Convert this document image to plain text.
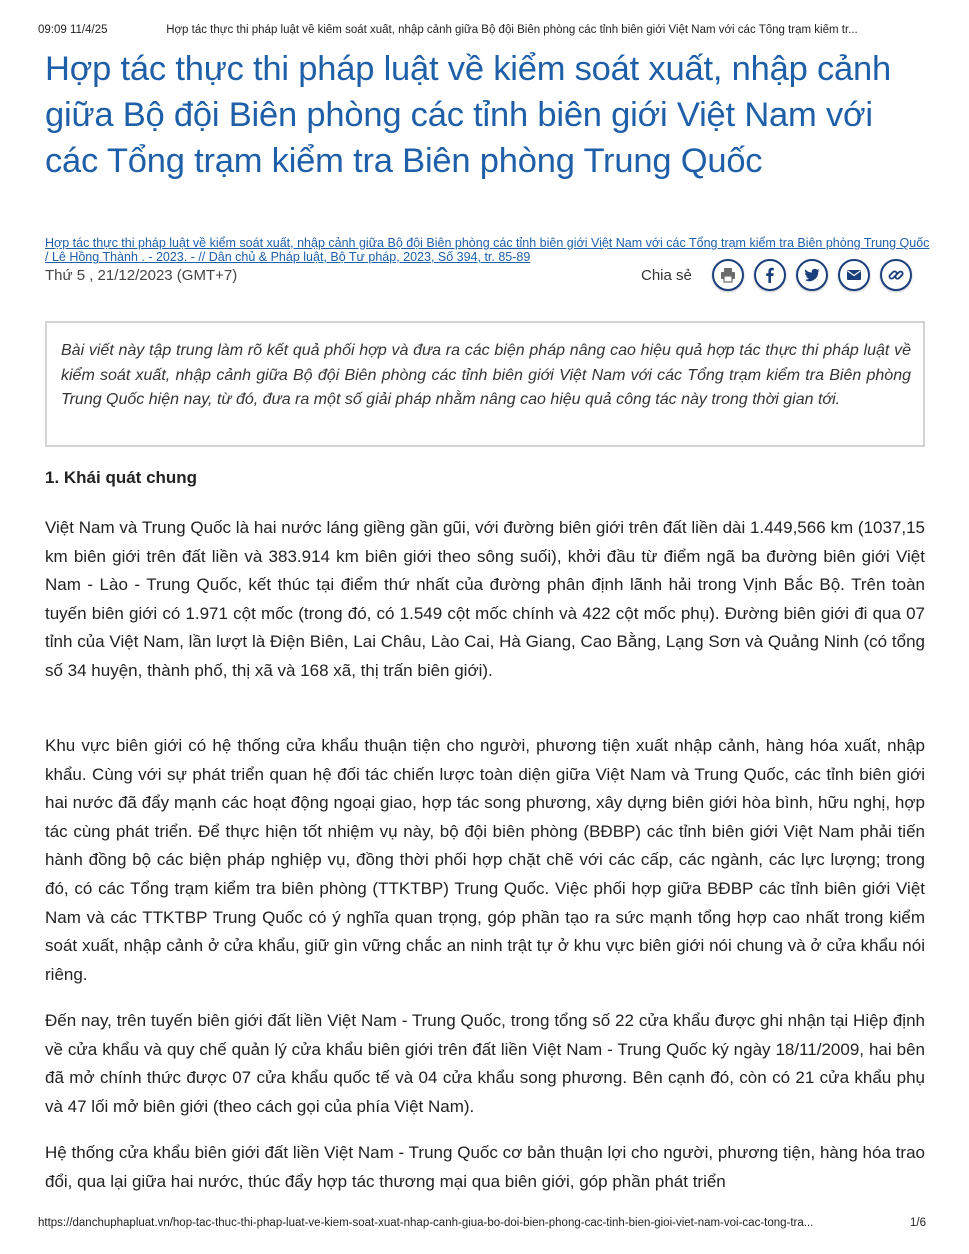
09:09 11/4/25	Hợp tác thực thi pháp luật về kiểm soát xuất, nhập cảnh giữa Bộ đội Biên phòng các tỉnh biên giới Việt Nam với các Tổng trạm kiểm tr...
Hợp tác thực thi pháp luật về kiểm soát xuất, nhập cảnh giữa Bộ đội Biên phòng các tỉnh biên giới Việt Nam với các Tổng trạm kiểm tra Biên phòng Trung Quốc
Hợp tác thực thi pháp luật về kiểm soát xuất, nhập cảnh giữa Bộ đội Biên phòng các tỉnh biên giới Việt Nam với các Tổng trạm kiểm tra Biên phòng Trung Quốc / Lê Hồng Thành . - 2023. - // Dân chủ & Pháp luật, Bộ Tư pháp, 2023, Số 394, tr. 85-89
Thứ 5 , 21/12/2023 (GMT+7)	Chia sẻ
Bài viết này tập trung làm rõ kết quả phối hợp và đưa ra các biện pháp nâng cao hiệu quả hợp tác thực thi pháp luật về kiểm soát xuất, nhập cảnh giữa Bộ đội Biên phòng các tỉnh biên giới Việt Nam với các Tổng trạm kiểm tra Biên phòng Trung Quốc hiện nay, từ đó, đưa ra một số giải pháp nhằm nâng cao hiệu quả công tác này trong thời gian tới.
1. Khái quát chung

Việt Nam và Trung Quốc là hai nước láng giềng gần gũi, với đường biên giới trên đất liền dài 1.449,566 km (1037,15 km biên giới trên đất liền và 383.914 km biên giới theo sông suối), khởi đầu từ điểm ngã ba đường biên giới Việt Nam - Lào - Trung Quốc, kết thúc tại điểm thứ nhất của đường phân định lãnh hải trong Vịnh Bắc Bộ. Trên toàn tuyến biên giới có 1.971 cột mốc (trong đó, có 1.549 cột mốc chính và 422 cột mốc phụ). Đường biên giới đi qua 07 tỉnh của Việt Nam, lần lượt là Điện Biên, Lai Châu, Lào Cai, Hà Giang, Cao Bằng, Lạng Sơn và Quảng Ninh (có tổng số 34 huyện, thành phố, thị xã và 168 xã, thị trấn biên giới).

Khu vực biên giới có hệ thống cửa khẩu thuận tiện cho người, phương tiện xuất nhập cảnh, hàng hóa xuất, nhập khẩu. Cùng với sự phát triển quan hệ đối tác chiến lược toàn diện giữa Việt Nam và Trung Quốc, các tỉnh biên giới hai nước đã đẩy mạnh các hoạt động ngoại giao, hợp tác song phương, xây dựng biên giới hòa bình, hữu nghị, hợp tác cùng phát triển. Để thực hiện tốt nhiệm vụ này, bộ đội biên phòng (BĐBP) các tỉnh biên giới Việt Nam phải tiến hành đồng bộ các biện pháp nghiệp vụ, đồng thời phối hợp chặt chẽ với các cấp, các ngành, các lực lượng; trong đó, có các Tổng trạm kiểm tra biên phòng (TTKTBP) Trung Quốc. Việc phối hợp giữa BĐBP các tỉnh biên giới Việt Nam và các TTKTBP Trung Quốc có ý nghĩa quan trọng, góp phần tạo ra sức mạnh tổng hợp cao nhất trong kiểm soát xuất, nhập cảnh ở cửa khẩu, giữ gìn vững chắc an ninh trật tự ở khu vực biên giới nói chung và ở cửa khẩu nói riêng.

Đến nay, trên tuyến biên giới đất liền Việt Nam - Trung Quốc, trong tổng số 22 cửa khẩu được ghi nhận tại Hiệp định về cửa khẩu và quy chế quản lý cửa khẩu biên giới trên đất liền Việt Nam - Trung Quốc ký ngày 18/11/2009, hai bên đã mở chính thức được 07 cửa khẩu quốc tế và 04 cửa khẩu song phương. Bên cạnh đó, còn có 21 cửa khẩu phụ và 47 lối mở biên giới (theo cách gọi của phía Việt Nam).

Hệ thống cửa khẩu biên giới đất liền Việt Nam - Trung Quốc cơ bản thuận lợi cho người, phương tiện, hàng hóa trao đổi, qua lại giữa hai nước, thúc đẩy hợp tác thương mại qua biên giới, góp phần phát triển

https://danchuphapluat.vn/hop-tac-thuc-thi-phap-luat-ve-kiem-soat-xuat-nhap-canh-giua-bo-doi-bien-phong-cac-tinh-bien-gioi-viet-nam-voi-cac-tong-tra...	1/6
